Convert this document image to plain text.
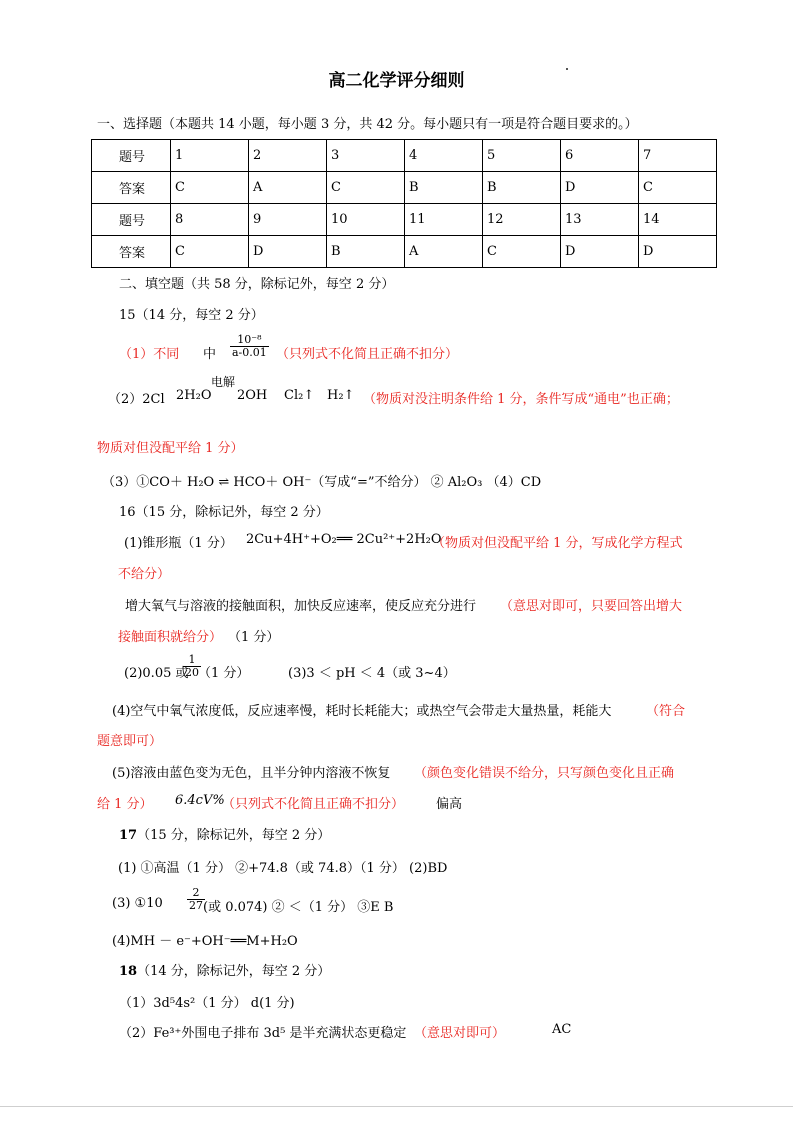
高二化学评分细则
一、选择题（本题共 14 小题，每小题 3 分，共 42 分。每小题只有一项是符合题目要求的。）
题号	1	2	3	4	5	6	7
答案	C	A	C	B	B	D	C
题号	8	9	10	11	12	13	14
答案	C	D	B	A	C	D	D
二、填空题（共 58 分，除标记外，每空 2 分）
15（14 分，每空 2 分）
（1）不同 中 $\frac{\text{10⁻⁸}}{a-0.01}$ （只列式不化简且正确不扣分）
（2）2Cl 2H₂O
电解
2OH Cl₂↑ H₂↑ （物质对没注明条件给 1 分，条件写成“通电”也正确；
物质对但没配平给 1 分）
（3）①CO＋ H₂O ⇌ HCO＋ OH⁻（写成“=”不给分） ② Al₂O₃ （4）CD
16（15 分，除标记外，每空 2 分）
(1)锥形瓶（1 分） 2Cu+4H⁺+O₂══ 2Cu²⁺+2H₂O
（物质对但没配平给 1 分，写成化学方程式
不给分）
增大氧气与溶液的接触面积，加快反应速率，使反应充分进行 （意思对即可，只要回答出增大
接触面积就给分） （1 分）
(2)0.05 或
$\frac{1}{20}$
（1 分）	(3)3 ＜ pH ＜ 4（或 3~4）
(4)空气中氧气浓度低，反应速率慢，耗时长耗能大；或热空气会带走大量热量，耗能大	（符合
题意即可）
(5)溶液由蓝色变为无色，且半分钟内溶液不恢复 （颜色变化错误不给分，只写颜色变化且正确
给 1 分） 6.4cV%
（只列式不化简且正确不扣分） 偏高
17（15 分，除标记外，每空 2 分）
(1) ①高温（1 分） ②+74.8（或 74.8）（1 分） (2)BD
(3) ①10 $\frac{2}{27}$
(或 0.074) ② ＜（1 分） ③E B
(4)MH － e⁻+OH⁻══M+H₂O
18（14 分，除标记外，每空 2 分）
（1）3d⁵4s²（1 分） d(1 分)
（2）Fe³⁺外围电子排布 3d⁵ 是半充满状态更稳定 （意思对即可）	AC
